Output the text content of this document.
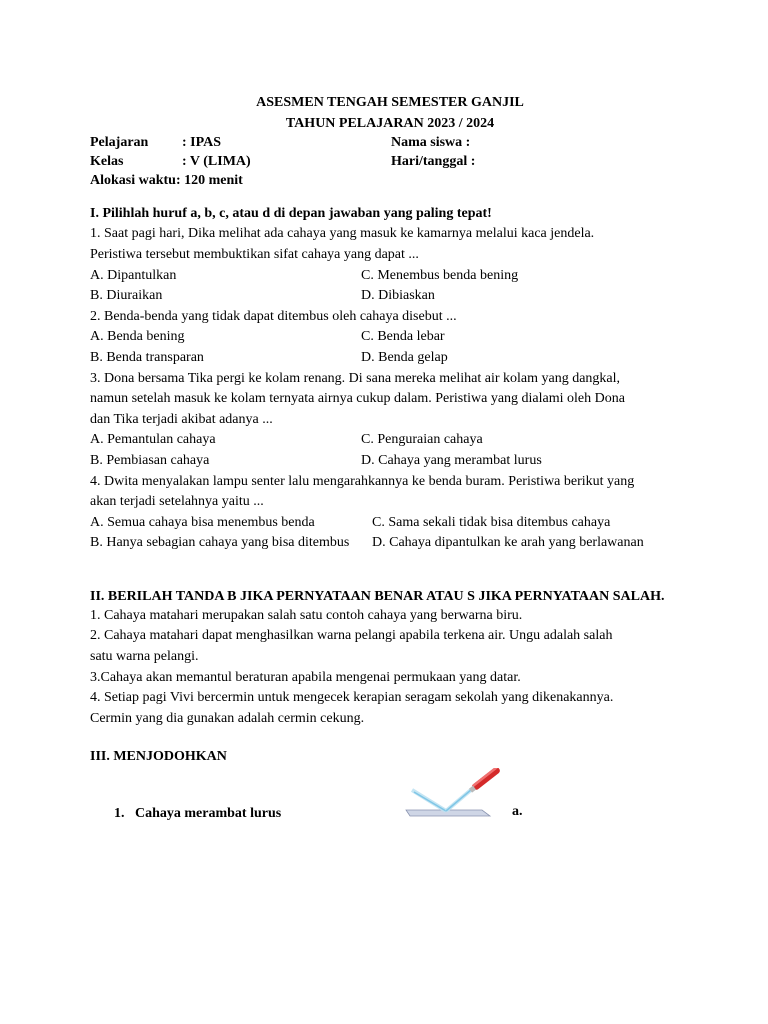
ASESMEN TENGAH SEMESTER GANJIL
TAHUN PELAJARAN 2023 / 2024
Pelajaran : IPAS	Nama siswa :
Kelas	: V (LIMA)	Hari/tanggal :
Alokasi waktu: 120 menit
I. Pilihlah huruf a, b, c, atau d di depan jawaban yang paling tepat!
1. Saat pagi hari, Dika melihat ada cahaya yang masuk ke kamarnya melalui kaca jendela.
Peristiwa tersebut membuktikan sifat cahaya yang dapat ...
A. Dipantulkan	C. Menembus benda bening
B. Diuraikan	D. Dibiaskan
2. Benda-benda yang tidak dapat ditembus oleh cahaya disebut ...
A. Benda bening	C. Benda lebar
B. Benda transparan	D. Benda gelap
3. Dona bersama Tika pergi ke kolam renang. Di sana mereka melihat air kolam yang dangkal,
namun setelah masuk ke kolam ternyata airnya cukup dalam. Peristiwa yang dialami oleh Dona
dan Tika terjadi akibat adanya ...
A. Pemantulan cahaya	C. Penguraian cahaya
B. Pembiasan cahaya	D. Cahaya yang merambat lurus
4. Dwita menyalakan lampu senter lalu mengarahkannya ke benda buram. Peristiwa berikut yang
akan terjadi setelahnya yaitu ...
A. Semua cahaya bisa menembus benda	C. Sama sekali tidak bisa ditembus cahaya
B. Hanya sebagian cahaya yang bisa ditembus D. Cahaya dipantulkan ke arah yang berlawanan
II. BERILAH TANDA B JIKA PERNYATAAN BENAR ATAU S JIKA PERNYATAAN SALAH.
1. Cahaya matahari merupakan salah satu contoh cahaya yang berwarna biru.
2. Cahaya matahari dapat menghasilkan warna pelangi apabila terkena air. Ungu adalah salah
satu warna pelangi.
3.Cahaya akan memantul beraturan apabila mengenai permukaan yang datar.
4. Setiap pagi Vivi bercermin untuk mengecek kerapian seragam sekolah yang dikenakannya.
Cermin yang dia gunakan adalah cermin cekung.
III. MENJODOHKAN
1. Cahaya merambat lurus	a.
